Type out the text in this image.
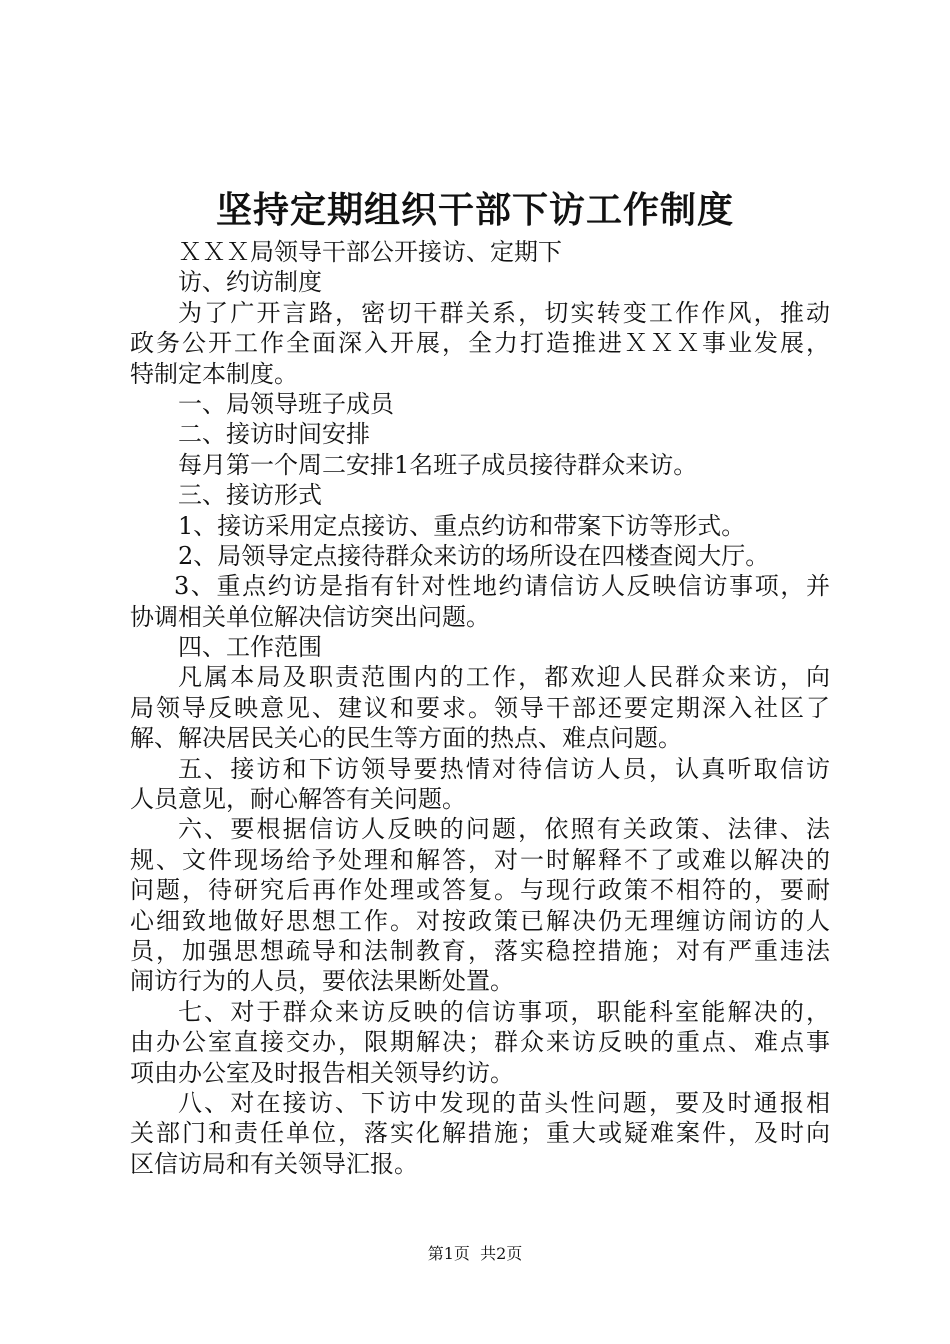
坚持定期组织干部下访工作制度

ＸＸＸ局领导干部公开接访、定期下

访、约访制度

为了广开言路，密切干群关系，切实转变工作作风，推动

政务公开工作全面深入开展，全力打造推进ＸＸＸ事业发展，

特制定本制度。

一、局领导班子成员

二、接访时间安排

每月第一个周二安排1名班子成员接待群众来访。

三、接访形式

1、接访采用定点接访、重点约访和带案下访等形式。

2、局领导定点接待群众来访的场所设在四楼查阅大厅。

3、重点约访是指有针对性地约请信访人反映信访事项，并

协调相关单位解决信访突出问题。

四、工作范围

凡属本局及职责范围内的工作，都欢迎人民群众来访，向

局领导反映意见、建议和要求。领导干部还要定期深入社区了

解、解决居民关心的民生等方面的热点、难点问题。

五、接访和下访领导要热情对待信访人员，认真听取信访

人员意见，耐心解答有关问题。

六、要根据信访人反映的问题，依照有关政策、法律、法

规、文件现场给予处理和解答，对一时解释不了或难以解决的

问题，待研究后再作处理或答复。与现行政策不相符的，要耐

心细致地做好思想工作。对按政策已解决仍无理缠访闹访的人

员，加强思想疏导和法制教育，落实稳控措施；对有严重违法

闹访行为的人员，要依法果断处置。

七、对于群众来访反映的信访事项，职能科室能解决的，

由办公室直接交办，限期解决；群众来访反映的重点、难点事

项由办公室及时报告相关领导约访。

八、对在接访、下访中发现的苗头性问题，要及时通报相

关部门和责任单位，落实化解措施；重大或疑难案件，及时向

区信访局和有关领导汇报。

第1页 共2页
